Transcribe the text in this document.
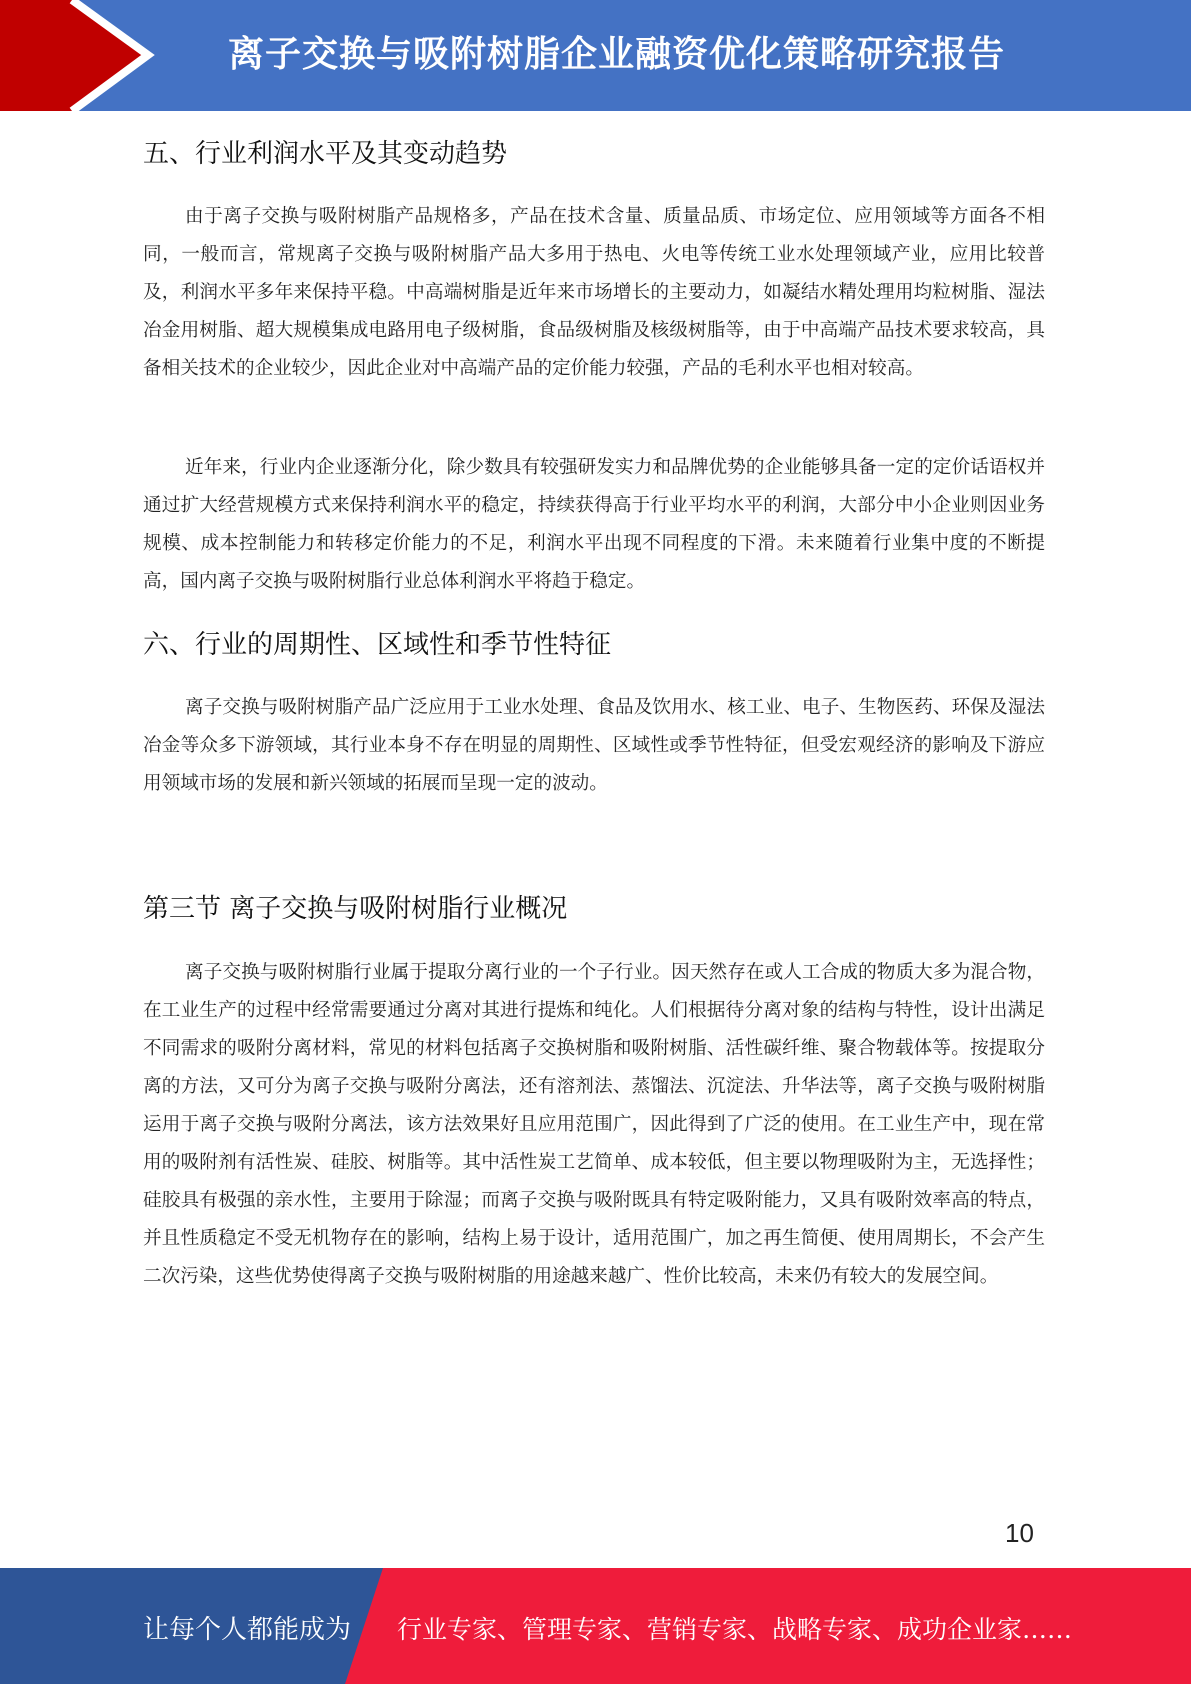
离子交换与吸附树脂企业融资优化策略研究报告
五、行业利润水平及其变动趋势

由于离子交换与吸附树脂产品规格多，产品在技术含量、质量品质、市场定位、应用领域等方面各不相同，一般而言，常规离子交换与吸附树脂产品大多用于热电、火电等传统工业水处理领域产业，应用比较普及，利润水平多年来保持平稳。中高端树脂是近年来市场增长的主要动力，如凝结水精处理用均粒树脂、湿法冶金用树脂、超大规模集成电路用电子级树脂，食品级树脂及核级树脂等，由于中高端产品技术要求较高，具备相关技术的企业较少，因此企业对中高端产品的定价能力较强，产品的毛利水平也相对较高。

近年来，行业内企业逐渐分化，除少数具有较强研发实力和品牌优势的企业能够具备一定的定价话语权并通过扩大经营规模方式来保持利润水平的稳定，持续获得高于行业平均水平的利润，大部分中小企业则因业务规模、成本控制能力和转移定价能力的不足，利润水平出现不同程度的下滑。未来随着行业集中度的不断提高，国内离子交换与吸附树脂行业总体利润水平将趋于稳定。

六、行业的周期性、区域性和季节性特征

离子交换与吸附树脂产品广泛应用于工业水处理、食品及饮用水、核工业、电子、生物医药、环保及湿法冶金等众多下游领域，其行业本身不存在明显的周期性、区域性或季节性特征，但受宏观经济的影响及下游应用领域市场的发展和新兴领域的拓展而呈现一定的波动。

第三节 离子交换与吸附树脂行业概况

离子交换与吸附树脂行业属于提取分离行业的一个子行业。因天然存在或人工合成的物质大多为混合物，在工业生产的过程中经常需要通过分离对其进行提炼和纯化。人们根据待分离对象的结构与特性，设计出满足不同需求的吸附分离材料，常见的材料包括离子交换树脂和吸附树脂、活性碳纤维、聚合物载体等。按提取分离的方法，又可分为离子交换与吸附分离法，还有溶剂法、蒸馏法、沉淀法、升华法等，离子交换与吸附树脂运用于离子交换与吸附分离法，该方法效果好且应用范围广，因此得到了广泛的使用。在工业生产中，现在常用的吸附剂有活性炭、硅胶、树脂等。其中活性炭工艺简单、成本较低，但主要以物理吸附为主，无选择性；硅胶具有极强的亲水性，主要用于除湿；而离子交换与吸附既具有特定吸附能力，又具有吸附效率高的特点，并且性质稳定不受无机物存在的影响，结构上易于设计，适用范围广，加之再生简便、使用周期长，不会产生二次污染，这些优势使得离子交换与吸附树脂的用途越来越广、性价比较高，未来仍有较大的发展空间。

10
让每个人都能成为 行业专家、管理专家、营销专家、战略专家、成功企业家……
